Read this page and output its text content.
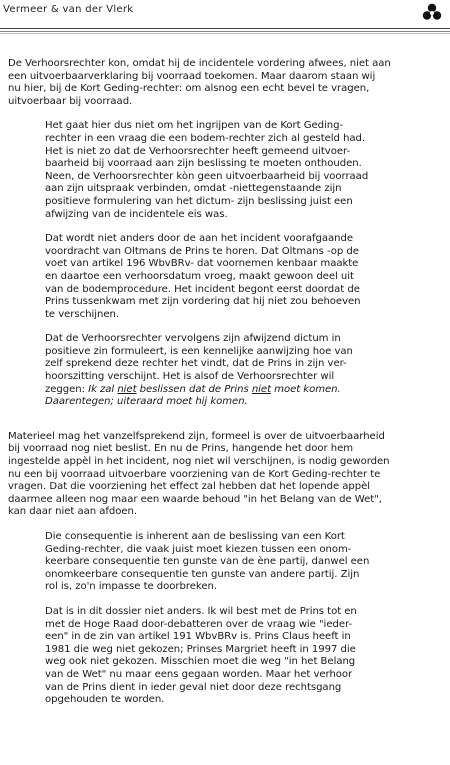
Vermeer & van der Vlerk

De Verhoorsrechter kon, omdat hij de incidentele vordering afwees, niet aan
een uitvoerbaarverklaring bij voorraad toekomen. Maar daarom staan wij
nu hier, bij de Kort Geding-rechter: om alsnog een echt bevel te vragen,
uitvoerbaar bij voorraad.

Het gaat hier dus niet om het ingrijpen van de Kort Geding-
rechter in een vraag die een bodem-rechter zich al gesteld had.
Het is niet zo dat de Verhoorsrechter heeft gemeend uitvoer-
baarheid bij voorraad aan zijn beslissing te moeten onthouden.
Neen, de Verhoorsrechter kòn geen uitvoerbaarheid bij voorraad
aan zijn uitspraak verbinden, omdat -niettegenstaande zijn
positieve formulering van het dictum- zijn beslissing juist een
afwijzing van de incidentele eis was.

Dat wordt niet anders door de aan het incident voorafgaande
voordracht van Oltmans de Prins te horen. Dat Oltmans -op de
voet van artikel 196 WbvBRv- dat voornemen kenbaar maakte
en daartoe een verhoorsdatum vroeg, maakt gewoon deel uit
van de bodemprocedure. Het incident begont eerst doordat de
Prins tussenkwam met zijn vordering dat hij niet zou behoeven
te verschijnen.

Dat de Verhoorsrechter vervolgens zijn afwijzend dictum in
positieve zin formuleert, is een kennelijke aanwijzing hoe van
zelf sprekend deze rechter het vindt, dat de Prins in zijn ver-
hoorszitting verschijnt. Het is alsof de Verhoorsrechter wil
zeggen: Ik zal niet beslissen dat de Prins niet moet komen.
Daarentegen; uiteraard moet hij komen.

Materieel mag het vanzelfsprekend zijn, formeel is over de uitvoerbaarheid
bij voorraad nog niet beslist. En nu de Prins, hangende het door hem
ingestelde appèl in het incident, nog niet wil verschijnen, is nodig geworden
nu een bij voorraad uitvoerbare voorziening van de Kort Geding-rechter te
vragen. Dat die voorziening het effect zal hebben dat het lopende appèl
daarmee alleen nog maar een waarde behoud "in het Belang van de Wet",
kan daar niet aan afdoen.

Die consequentie is inherent aan de beslissing van een Kort
Geding-rechter, die vaak juist moet kiezen tussen een onom-
keerbare consequentie ten gunste van de ène partij, danwel een
onomkeerbare consequentie ten gunste van andere partij. Zijn
rol is, zo'n impasse te doorbreken.

Dat is in dit dossier niet anders. Ik wil best met de Prins tot en
met de Hoge Raad door-debatteren over de vraag wie "ieder-
een" in de zin van artikel 191 WbvBRv is. Prins Claus heeft in
1981 die weg niet gekozen; Prinses Margriet heeft in 1997 die
weg ook niet gekozen. Misschien moet die weg "in het Belang
van de Wet" nu maar eens gegaan worden. Maar het verhoor
van de Prins dient in ieder geval niet door deze rechtsgang
opgehouden te worden.
